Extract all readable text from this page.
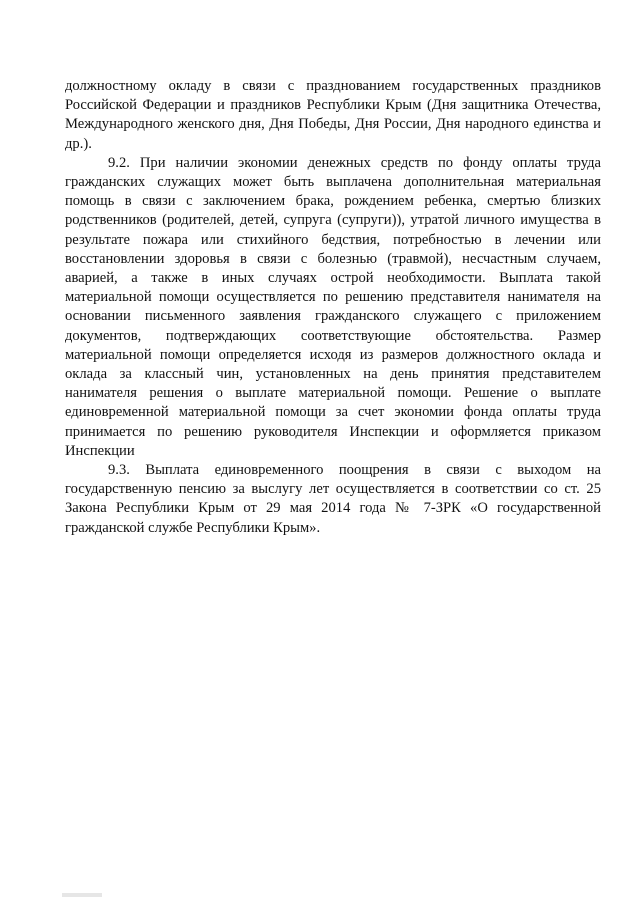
должностному окладу в связи с празднованием государственных праздников Российской Федерации и праздников Республики Крым (Дня защитника Отечества, Международного женского дня, Дня Победы, Дня России, Дня народного единства и др.).

9.2. При наличии экономии денежных средств по фонду оплаты труда гражданских служащих может быть выплачена дополнительная материальная помощь в связи с заключением брака, рождением ребенка, смертью близких родственников (родителей, детей, супруга (супруги)), утратой личного имущества в результате пожара или стихийного бедствия, потребностью в лечении или восстановлении здоровья в связи с болезнью (травмой), несчастным случаем, аварией, а также в иных случаях острой необходимости. Выплата такой материальной помощи осуществляется по решению представителя нанимателя на основании письменного заявления гражданского служащего с приложением документов, подтверждающих соответствующие обстоятельства. Размер материальной помощи определяется исходя из размеров должностного оклада и оклада за классный чин, установленных на день принятия представителем нанимателя решения о выплате материальной помощи. Решение о выплате единовременной материальной помощи за счет экономии фонда оплаты труда принимается по решению руководителя Инспекции и оформляется приказом Инспекции

9.3. Выплата единовременного поощрения в связи с выходом на государственную пенсию за выслугу лет осуществляется в соответствии со ст. 25 Закона Республики Крым от 29 мая 2014 года № 7-ЗРК «О государственной гражданской службе Республики Крым».
